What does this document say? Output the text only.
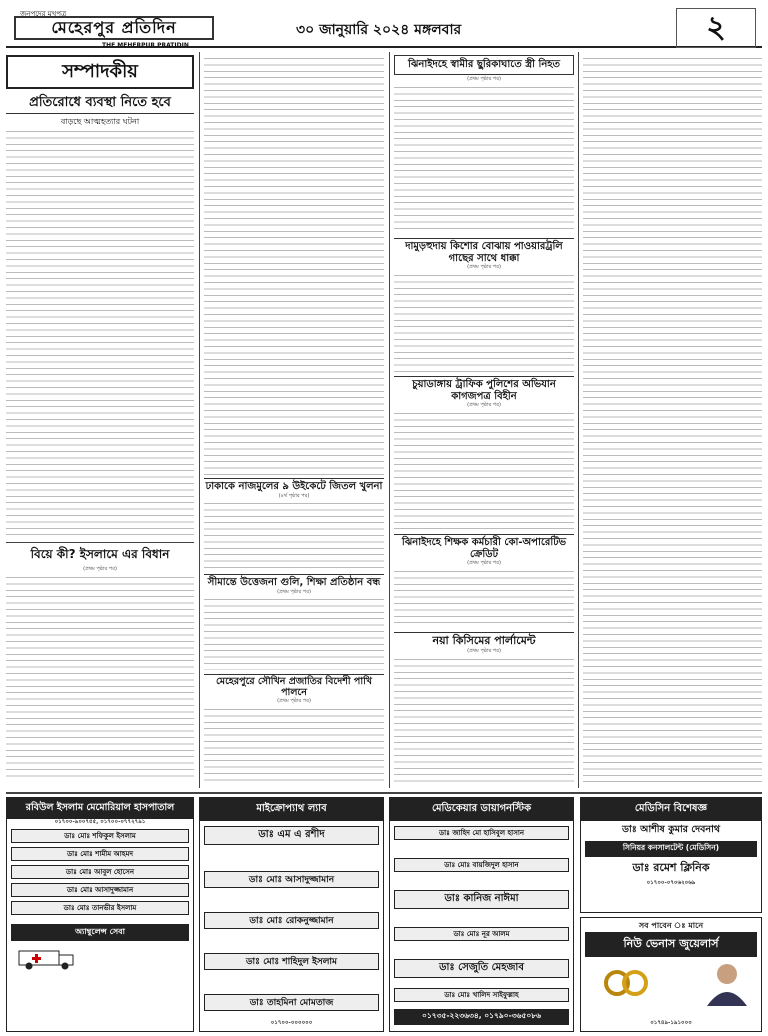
জনপদের মুখপত্র
মেহেরপুর প্রতিদিন
THE MEHERPUR PRATIDIN
৩০ জানুয়ারি ২০২৪ মঙ্গলবার	২
সম্পাদকীয়
প্রতিরোধে ব্যবস্থা নিতে হবে
বাড়ছে আত্মহত্যার ঘটনা
বিয়ে কী? ইসলামে এর বিধান
(প্রথম পৃষ্ঠার পর)
ঢাকাকে নাজমুলের ৯ উইকেটে জিতল খুলনা
(৪র্থ পৃষ্ঠার পর)
সীমান্তে উত্তেজনা গুলি, শিক্ষা প্রতিষ্ঠান বন্ধ
(প্রথম পৃষ্ঠার পর)
মেহেরপুরে সৌখিন প্রজাতির বিদেশী পাখি পালনে
(প্রথম পৃষ্ঠার পর)
ঝিনাইদহে স্বামীর ছুরিকাঘাতে স্ত্রী নিহত
(প্রথম পৃষ্ঠার পর)
দামুড়হুদায় কিশোর বোঝায় পাওয়ারট্রলি গাছের সাথে ধাক্কা
(প্রথম পৃষ্ঠার পর)
চুয়াডাঙ্গায় ট্রাফিক পুলিশের অভিযান কাগজপত্র বিহীন
(প্রথম পৃষ্ঠার পর)
ঝিনাইদহে শিক্ষক কর্মচারী কো-অপারেটিভ ক্রেডিট
(প্রথম পৃষ্ঠার পর)
নয়া কিসিমের পার্লামেন্ট
(প্রথম পৃষ্ঠার পর)
রবিউল ইসলাম মেমোরিয়াল হাসপাতাল
০১৭০০-৯০০৭৫৫, ০১৭০০-০৭৭২৭৯১
ডাঃ মোঃ শফিকুল ইসলাম
ডাঃ মোঃ শামীম আহমদ
ডাঃ মোঃ আবুল হোসেন
ডাঃ মোঃ আসাদুজ্জামান
ডাঃ মোঃ তানভীর ইসলাম
অ্যাম্বুলেন্স সেবা
মাইক্রোপ্যাথ ল্যাব
ডাঃ এম এ রশীদ
ডাঃ মোঃ আসাদুজ্জামান
ডাঃ মোঃ রোকনুজ্জামান
ডাঃ মোঃ শাহিদুল ইসলাম
ডাঃ তাহমিনা মোমতাজ
০১৭০০-০০০০০০
মেডিকেয়ার ডায়াগনস্টিক
ডাঃ জাহিদ মো হাসিবুল হাসান
ডাঃ মোঃ বায়জিদুল হাসান
ডাঃ কানিজ নাঈমা
ডাঃ মোঃ নূর আলম
ডাঃ সেজুতি মেহজাব
ডাঃ মোঃ খালিদ সাইফুল্লাহ
০১৭৩৫-২২৩৬৩৪, ০১৭৯০-৩৬৫০৮৬
মেডিসিন বিশেষজ্ঞ
ডাঃ আশীষ কুমার দেবনাথ
সিনিয়র কনসালটেন্ট (মেডিসিন)
ডাঃ রমেশ ক্লিনিক
০১৭০০-০৭০৬২০৬৯
সব পাবেন ঃ মানে
নিউ ভেনাস জুয়েলার্স
০১৭৪৯-১৯১০০০
